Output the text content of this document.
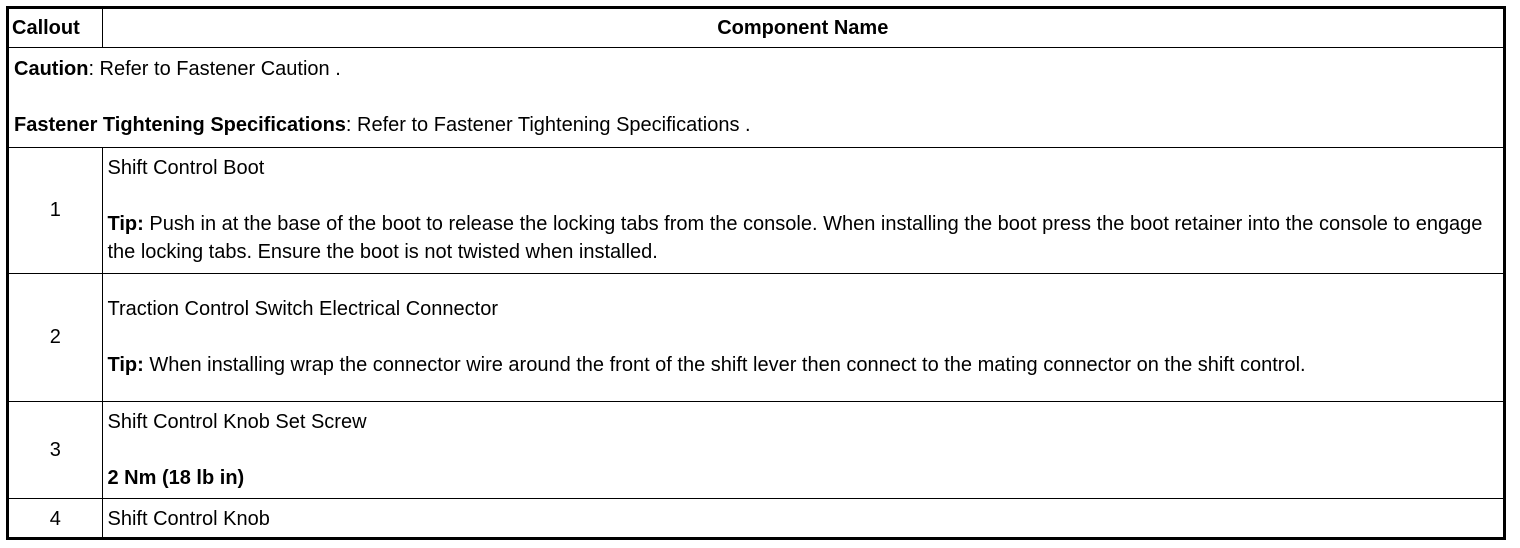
Callout	Component Name

Caution: Refer to Fastener Caution .

Fastener Tightening Specifications: Refer to Fastener Tightening Specifications .	

1	Shift Control Boot

Tip: Push in at the base of the boot to release the locking tabs from the console. When installing the boot press the boot retainer into the console to engage the locking tabs. Ensure the boot is not twisted when installed.

2	Traction Control Switch Electrical Connector

Tip: When installing wrap the connector wire around the front of the shift lever then connect to the mating connector on the shift control.

3	Shift Control Knob Set Screw

2 Nm (18 lb in)

4	Shift Control Knob
